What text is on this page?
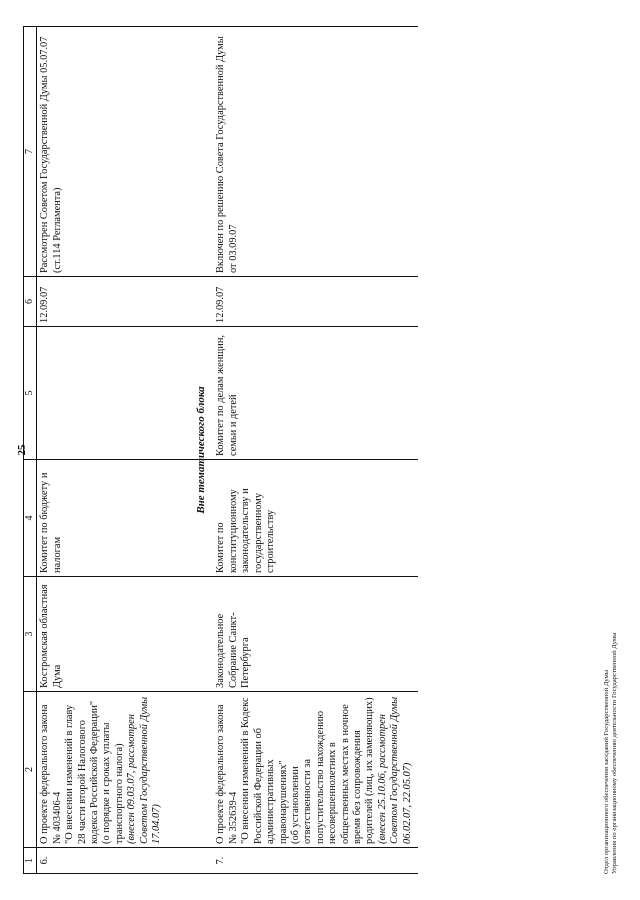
25
1	2	3	4	5	6	7
6.	О проекте федерального закона № 403406-4 "О внесении изменений в главу 28 части второй Налогового кодекса Российской Федерации" (о порядке и сроках уплаты транспортного налога) (внесен 09.03.07, рассмотрен Советом Государственной Думы 17.04.07)	Костромская областная Дума	Комитет по бюджету и налогам		12.09.07	Рассмотрен Советом Государственной Думы 05.07.07 (ст.114 Регламента)

7.	О проекте федерального закона № 352639-4 "О внесении изменений в Кодекс Российской Федерации об административных правонарушениях" (об установлении ответственности за попустительство нахождению несовершеннолетних в общественных местах в ночное время без сопровождения родителей (лиц, их заменяющих) (внесен 25.10.06, рассмотрен Советом Государственной Думы 06.02.07, 22.05.07)	Законодательное Собрание Санкт-Петербурга	Комитет по конституционному законодательству и государственному строительству	Комитет по делам женщин, семьи и детей	12.09.07	Включен по решению Совета Государственной Думы от 03.09.07
Вне тематического блока
Отдел организационного обеспечения заседаний Государственной Думы Управления по организационному обеспечению деятельности Государственной Думы
